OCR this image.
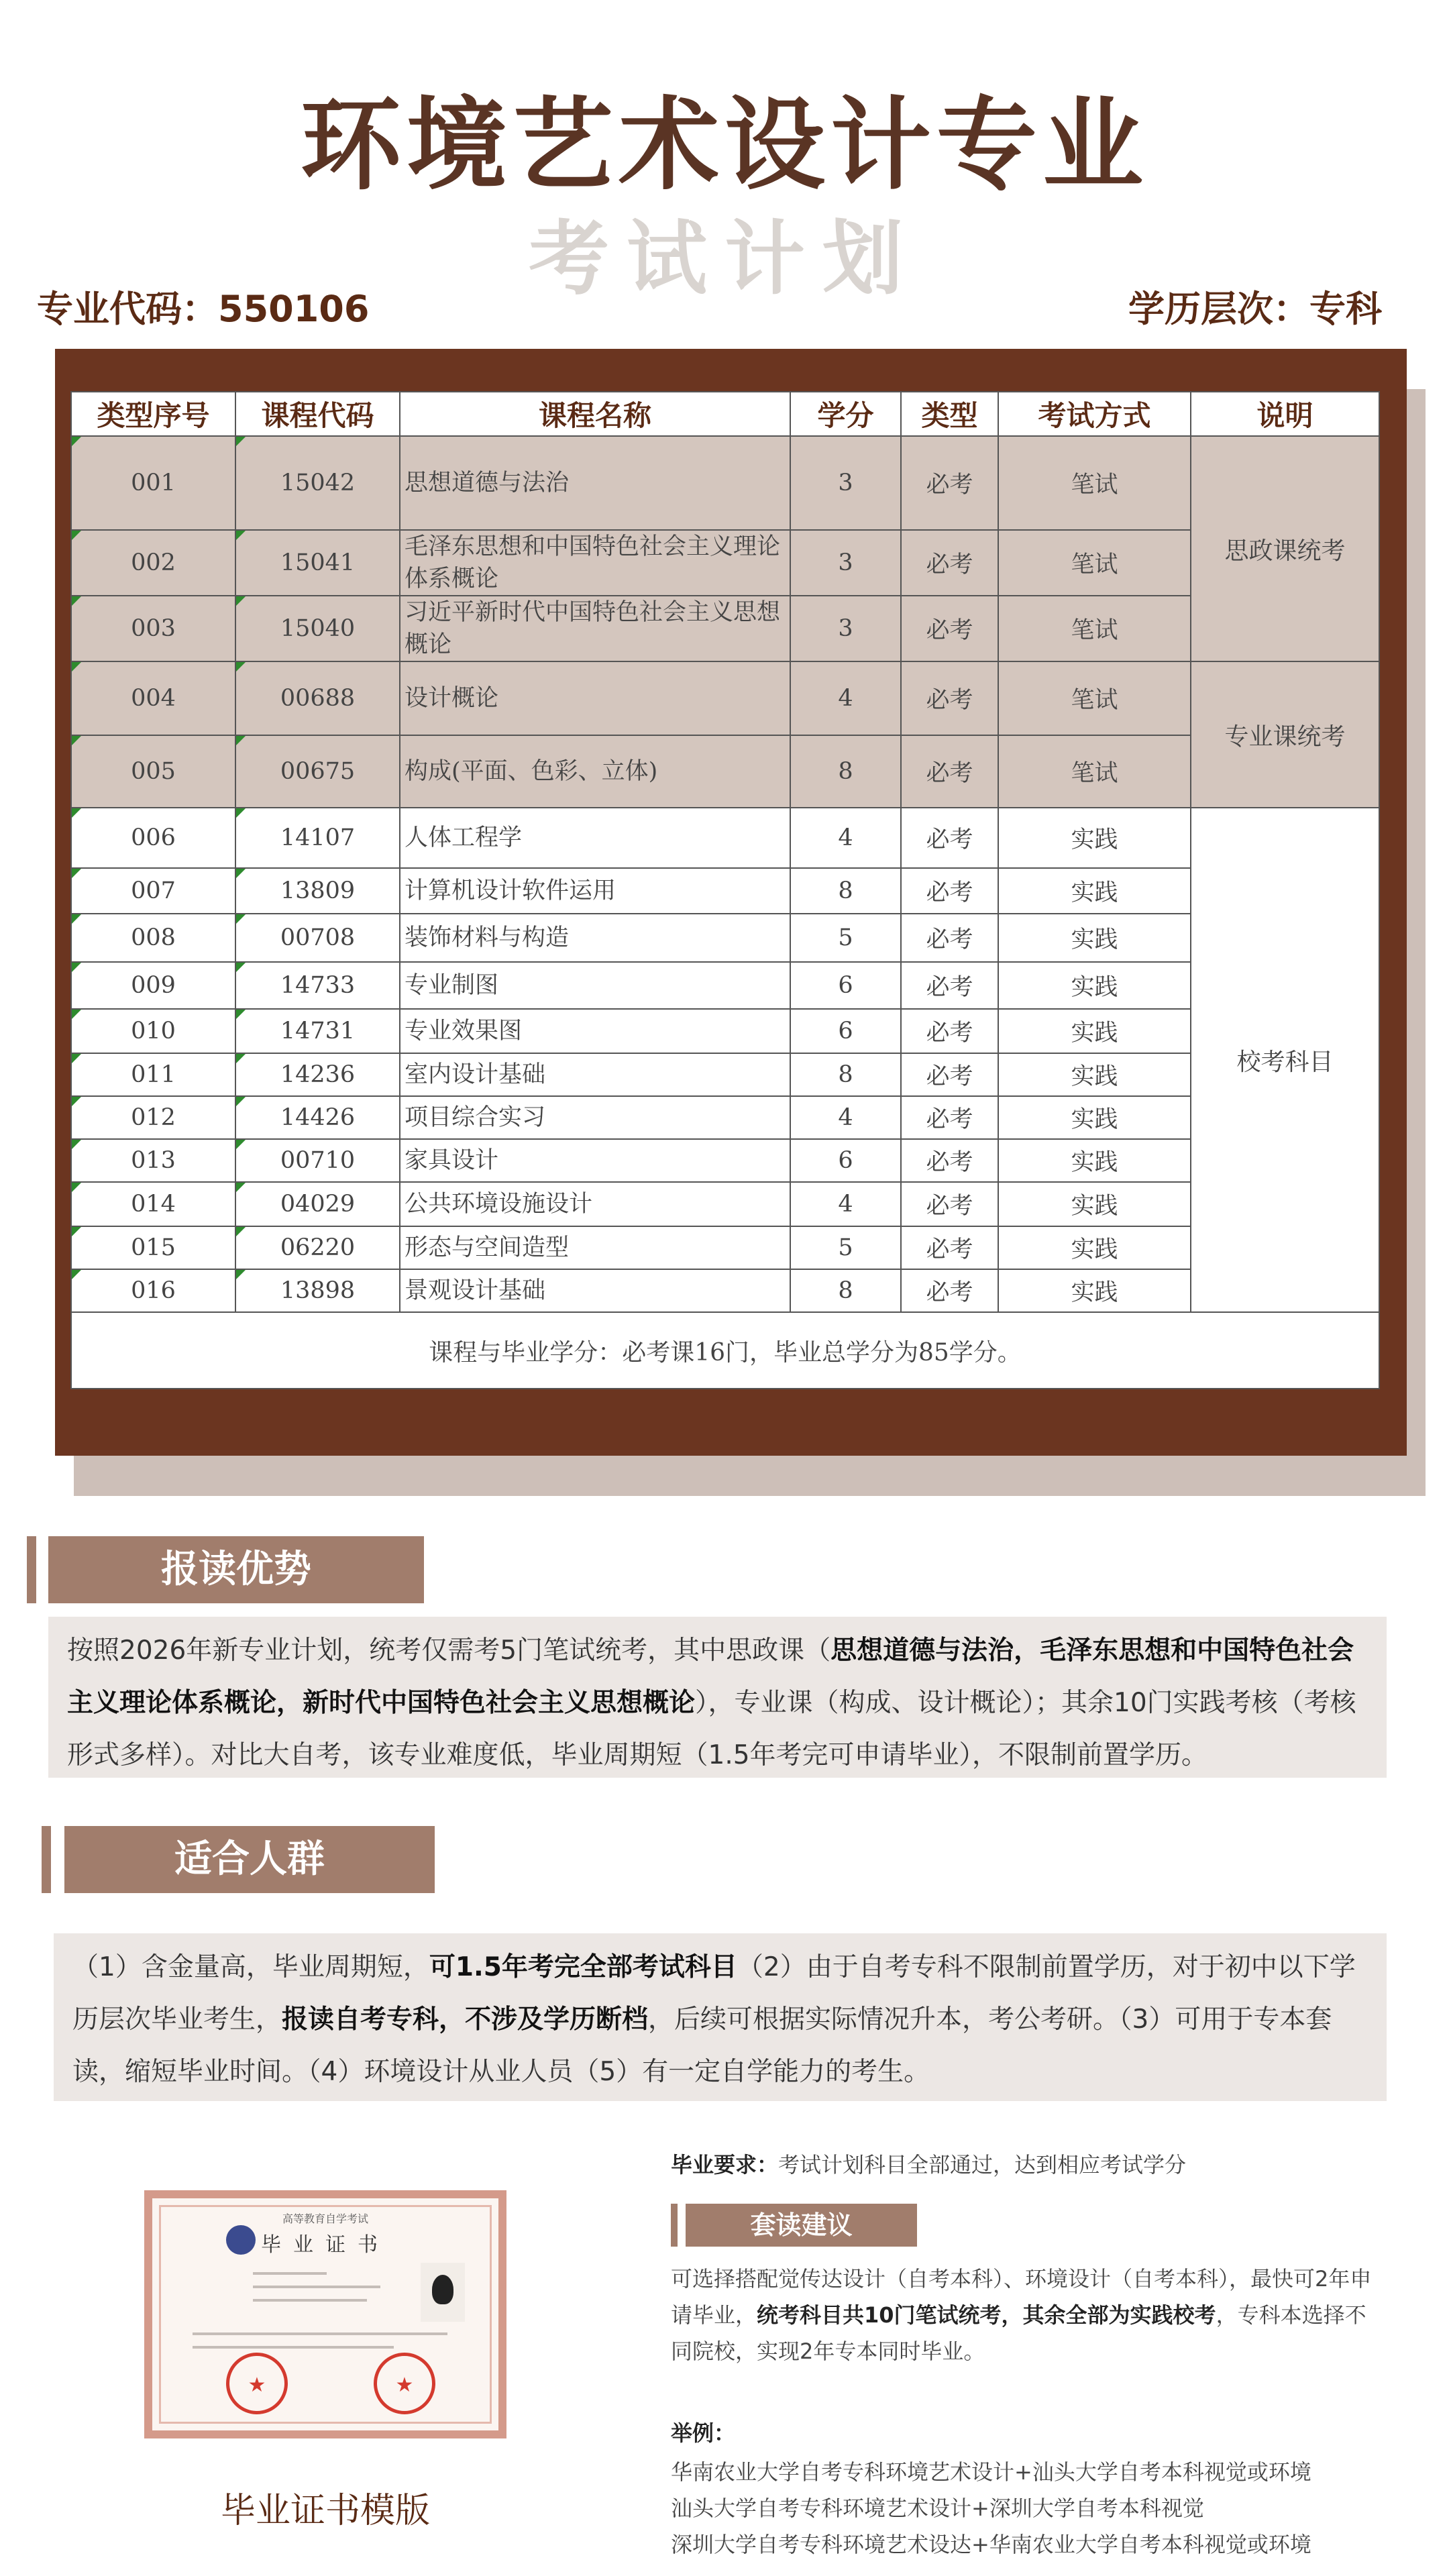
环境艺术设计专业
考试计划
专业代码：550106	学历层次：专科
类型序号	课程代码	课程名称	学分	类型	考试方式	说明
001	15042	思想道德与法治	3	必考	笔试	思政课统考
002	15041	毛泽东思想和中国特色社会主义理论体系概论	3	必考	笔试	
003	15040	习近平新时代中国特色社会主义思想概论	3	必考	笔试	
004	00688	设计概论	4	必考	笔试	专业课统考
005	00675	构成(平面、色彩、立体)	8	必考	笔试	
006	14107	人体工程学	4	必考	实践	校考科目
007	13809	计算机设计软件运用	8	必考	实践	
008	00708	装饰材料与构造	5	必考	实践	
009	14733	专业制图	6	必考	实践	
010	14731	专业效果图	6	必考	实践	
011	14236	室内设计基础	8	必考	实践	
012	14426	项目综合实习	4	必考	实践	
013	00710	家具设计	6	必考	实践	
014	04029	公共环境设施设计	4	必考	实践	
015	06220	形态与空间造型	5	必考	实践	
016	13898	景观设计基础	8	必考	实践	
课程与毕业学分：必考课16门，毕业总学分为85学分。						
报读优势
按照2026年新专业计划，统考仅需考5门笔试统考，其中思政课（思想道德与法治，毛泽东思想和中国特色社会主义理论体系概论，新时代中国特色社会主义思想概论），专业课（构成、设计概论）；其余10门实践考核（考核形式多样）。对比大自考，该专业难度低，毕业周期短（1.5年考完可申请毕业），不限制前置学历。
适合人群
（1）含金量高，毕业周期短，可1.5年考完全部考试科目（2）由于自考专科不限制前置学历，对于初中以下学历层次毕业考生，报读自考专科，不涉及学历断档，后续可根据实际情况升本，考公考研。（3）可用于专本套读，缩短毕业时间。（4）环境设计从业人员（5）有一定自学能力的考生。
高等教育自学考试
毕业证书
★	★
毕业证书模版
毕业要求：考试计划科目全部通过，达到相应考试学分
套读建议
可选择搭配觉传达设计（自考本科）、环境设计（自考本科），最快可2年申请毕业，统考科目共10门笔试统考，其余全部为实践校考，专科本选择不同院校，实现2年专本同时毕业。
举例：
华南农业大学自考专科环境艺术设计+汕头大学自考本科视觉或环境
汕头大学自考专科环境艺术设计+深圳大学自考本科视觉
深圳大学自考专科环境艺术设达+华南农业大学自考本科视觉或环境
